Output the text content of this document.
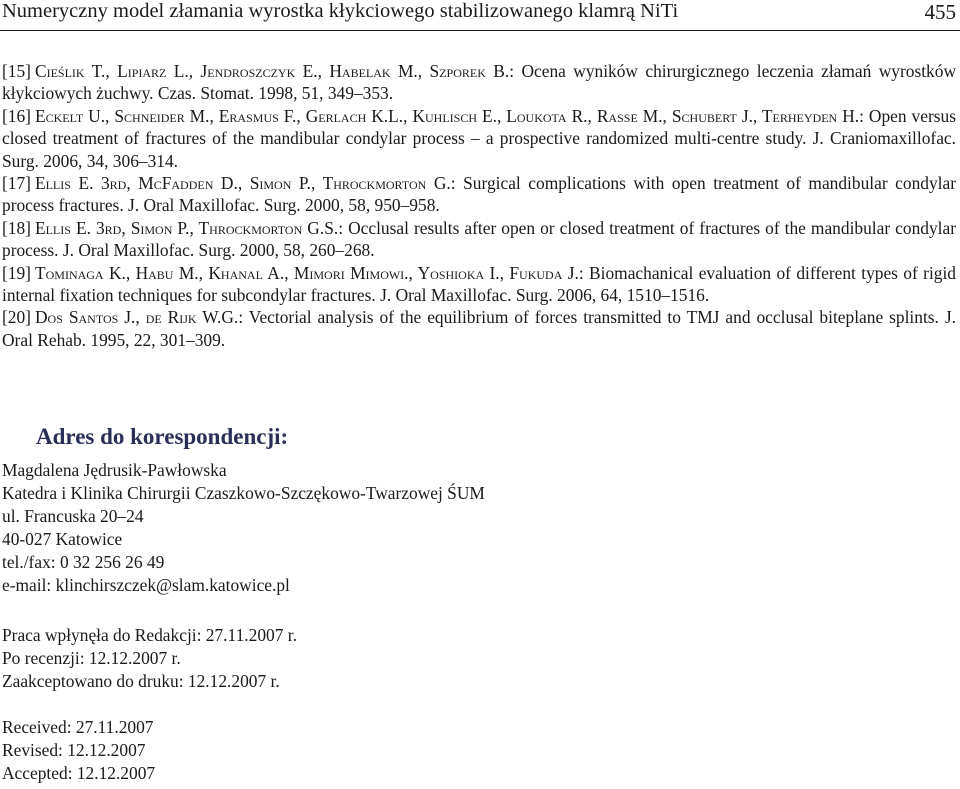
Numeryczny model złamania wyrostka kłykciowego stabilizowanego klamrą NiTi	455
[15] Cieślik T., Lipiarz L., Jendroszczyk E., Habelak M., Szporek B.: Ocena wyników chirurgicznego leczenia złamań wyrostków kłykciowych żuchwy. Czas. Stomat. 1998, 51, 349‒353.
[16] Eckelt U., Schneider M., Erasmus F., Gerlach K.L., Kuhlisch E., Loukota R., Rasse M., Schubert J., Terheyden H.: Open versus closed treatment of fractures of the mandibular condylar process – a prospective randomized multi-centre study. J. Craniomaxillofac. Surg. 2006, 34, 306–314.
[17] Ellis E. 3rd, McFadden D., Simon P., Throckmorton G.: Surgical complications with open treatment of mandibular condylar process fractures. J. Oral Maxillofac. Surg. 2000, 58, 950–958.
[18] Ellis E. 3rd, Simon P., Throckmorton G.S.: Occlusal results after open or closed treatment of fractures of the mandibular condylar process. J. Oral Maxillofac. Surg. 2000, 58, 260–268.
[19] Tominaga K., Habu M., Khanal A., Mimori Mimowi., Yoshioka I., Fukuda J.: Biomachanical evaluation of different types of rigid internal fixation techniques for subcondylar fractures. J. Oral Maxillofac. Surg. 2006, 64, 1510–1516.
[20] Dos Santos J., de Rijk W.G.: Vectorial analysis of the equilibrium of forces transmitted to TMJ and occlusal biteplane splints. J. Oral Rehab. 1995, 22, 301–309.
Adres do korespondencji:
Magdalena Jędrusik-Pawłowska
Katedra i Klinika Chirurgii Czaszkowo-Szczękowo-Twarzowej ŚUM
ul. Francuska 20–24
40-027 Katowice
tel./fax: 0 32 256 26 49
e-mail: klinchirszczek@slam.katowice.pl
Praca wpłynęła do Redakcji: 27.11.2007 r.
Po recenzji: 12.12.2007 r.
Zaakceptowano do druku: 12.12.2007 r.
Received: 27.11.2007
Revised: 12.12.2007
Accepted: 12.12.2007
